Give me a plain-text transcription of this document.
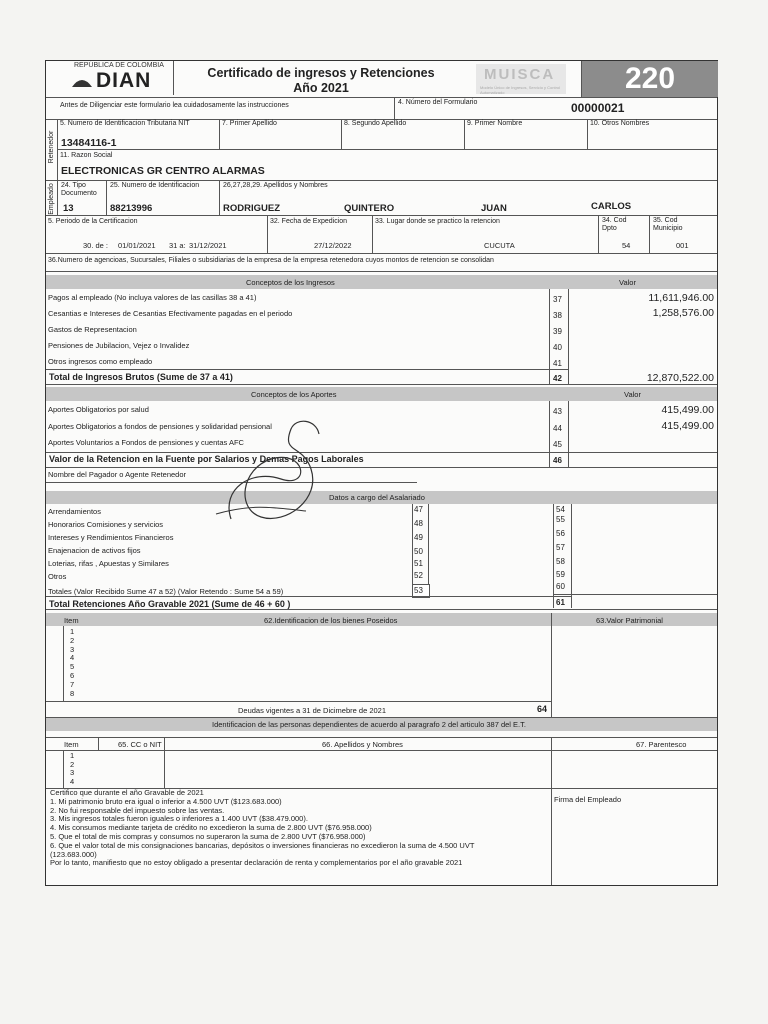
REPÚBLICA DE COLOMBIA
DIAN	Certificado de ingresos y Retenciones
Año 2021
MUISCA
Modelo Único de Ingresos, Servicio y Control Automatizado	220
Antes de Diligenciar este formulario lea cuidadosamente las instrucciones	4. Número del Formulario	00000021
Retenedor
5. Numero de Identificacion Tributaria NIT
13484116-1
7. Primer Apellido	8. Segundo Apellido	9. Primer Nombre	10. Otros Nombres
11. Razon Social
ELECTRONICAS GR CENTRO ALARMAS
Empleado 24. Tipo Documento
13
25. Numero de Identificacion
88213996
26,27,28,29. Apellidos y Nombres
RODRIGUEZ	QUINTERO	JUAN	CARLOS
5. Periodo de la Certificacion
30. de : 01/01/2021 31 a: 31/12/2021
32. Fecha de Expedicion
27/12/2022
33. Lugar donde se practico la retencion
CUCUTA
34. Cod Dpto
54
35. Cod Municipio
001
36.Numero de agencioas, Sucursales, Filiales o subsidiarias de la empresa de la empresa retenedora cuyos montos de retencion se consolidan
Conceptos de los Ingresos	Valor
Pagos al empleado (No incluya valores de las casillas 38 a 41)	37	11,611,946.00
Cesantias e Intereses de Cesantias Efectivamente pagadas en el periodo	38	1,258,576.00
Gastos de Representacion	39
Pensiones de Jubilacion, Vejez o Invalidez	40
Otros ingresos como empleado	41
Total de Ingresos Brutos (Sume de 37 a 41)	42	12,870,522.00
Conceptos de los Aportes	Valor
Aportes Obligatorios por salud	43	415,499.00
Aportes Obligatorios a fondos de pensiones y solidaridad pensional	44	415,499.00
Aportes Voluntarios a Fondos de pensiones y cuentas AFC	45
Valor de la Retencion en la Fuente por Salarios y Demas Pagos Laborales	46
Nombre del Pagador o Agente Retenedor
Datos a cargo del Asalariado
Arrendamientos	47	54
Honorarios Comisiones y servicios	48	55
Intereses y Rendimientos Financieros	49	56
Enajenacion de activos fijos	50	57
Loterias, rifas , Apuestas y Similares	51	58
Otros	52	59
Totales (Valor Recibido Sume 47 a 52) (Valor Retendo : Sume 54 a 59)	53	60
Total Retenciones Año Gravable 2021 (Sume de 46 + 60 )	61
Item	62.Identificacion de los bienes Poseidos	63.Valor Patrimonial
1
2
3
4
5
6
7
8
Deudas vigentes a 31 de Dicimebre de 2021	64
Identificacion de las personas dependientes de acuerdo al paragrafo 2 del articulo 387 del E.T.
Item	65. CC o NIT	66. Apellidos y Nombres	67. Parentesco
1
2
3
4
Certifico que durante el año Gravable de 2021
1. Mi patrimonio bruto era igual o inferior a 4.500 UVT ($123.683.000)
2. No fui responsable del impuesto sobre las ventas.
3. Mis ingresos totales fueron iguales o inferiores a 1.400 UVT ($38.479.000).
4. Mis consumos mediante tarjeta de crédito no excedieron la suma de 2.800 UVT ($76.958.000)
5. Que el total de mis compras y consumos no superaron la suma de 2.800 UVT ($76.958.000)
6. Que el valor total de mis consignaciones bancarias, depósitos o inversiones financieras no excedieron la suma de 4.500 UVT
(123.683.000)
Por lo tanto, manifiesto que no estoy obligado a presentar declaración de renta y complementarios por el año gravable 2021
Firma del Empleado
